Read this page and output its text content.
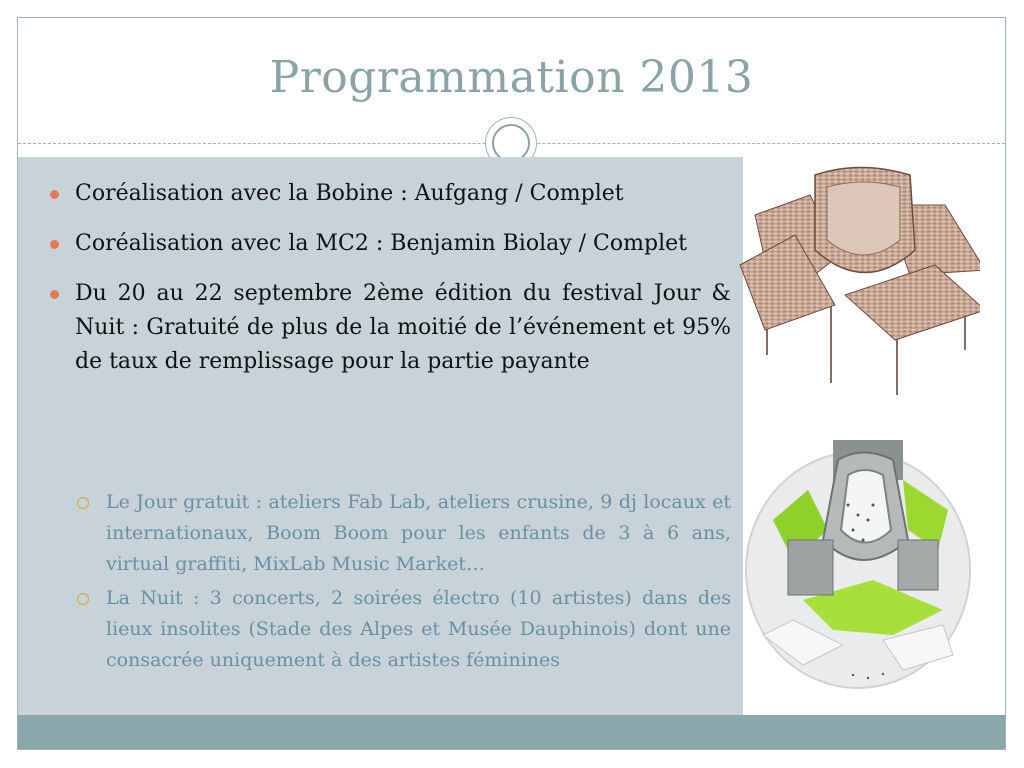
Programmation 2013
Coréalisation avec la Bobine : Aufgang / Complet
Coréalisation avec la MC2 : Benjamin Biolay / Complet
Du 20 au 22 septembre 2ème édition du festival Jour & Nuit : Gratuité de plus de la moitié de l’événement et 95% de taux de remplissage pour la partie payante
Le Jour gratuit : ateliers Fab Lab, ateliers crusine, 9 dj locaux et internationaux, Boom Boom pour les enfants de 3 à 6 ans, virtual graffiti, MixLab Music Market…
La Nuit : 3 concerts, 2 soirées électro (10 artistes) dans des lieux insolites (Stade des Alpes et Musée Dauphinois) dont une consacrée uniquement à des artistes féminines
